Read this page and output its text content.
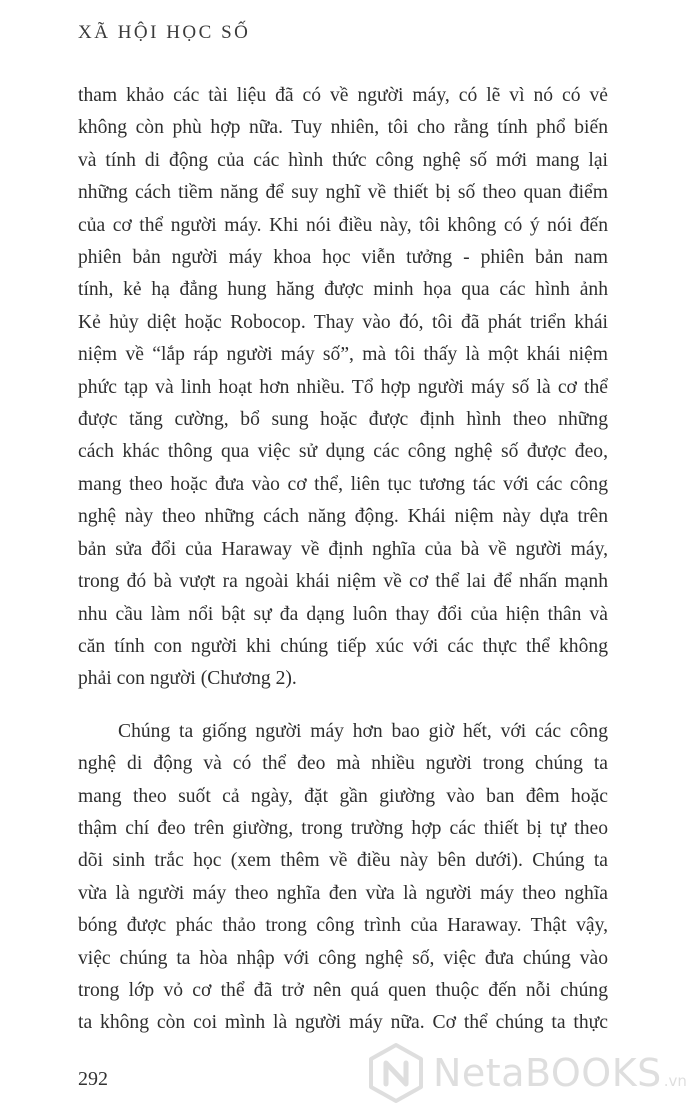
XÃ HỘI HỌC SỐ
tham khảo các tài liệu đã có về người máy, có lẽ vì nó có vẻ
không còn phù hợp nữa. Tuy nhiên, tôi cho rằng tính phổ biến
và tính di động của các hình thức công nghệ số mới mang lại
những cách tiềm năng để suy nghĩ về thiết bị số theo quan điểm
của cơ thể người máy. Khi nói điều này, tôi không có ý nói đến
phiên bản người máy khoa học viễn tưởng - phiên bản nam
tính, kẻ hạ đẳng hung hăng được minh họa qua các hình ảnh
Kẻ hủy diệt hoặc Robocop. Thay vào đó, tôi đã phát triển khái
niệm về “lắp ráp người máy số”, mà tôi thấy là một khái niệm
phức tạp và linh hoạt hơn nhiều. Tổ hợp người máy số là cơ thể
được tăng cường, bổ sung hoặc được định hình theo những
cách khác thông qua việc sử dụng các công nghệ số được đeo,
mang theo hoặc đưa vào cơ thể, liên tục tương tác với các công
nghệ này theo những cách năng động. Khái niệm này dựa trên
bản sửa đổi của Haraway về định nghĩa của bà về người máy,
trong đó bà vượt ra ngoài khái niệm về cơ thể lai để nhấn mạnh
nhu cầu làm nổi bật sự đa dạng luôn thay đổi của hiện thân và
căn tính con người khi chúng tiếp xúc với các thực thể không
phải con người (Chương 2).
Chúng ta giống người máy hơn bao giờ hết, với các công
nghệ di động và có thể đeo mà nhiều người trong chúng ta
mang theo suốt cả ngày, đặt gần giường vào ban đêm hoặc
thậm chí đeo trên giường, trong trường hợp các thiết bị tự theo
dõi sinh trắc học (xem thêm về điều này bên dưới). Chúng ta
vừa là người máy theo nghĩa đen vừa là người máy theo nghĩa
bóng được phác thảo trong công trình của Haraway. Thật vậy,
việc chúng ta hòa nhập với công nghệ số, việc đưa chúng vào
trong lớp vỏ cơ thể đã trở nên quá quen thuộc đến nỗi chúng
ta không còn coi mình là người máy nữa. Cơ thể chúng ta thực
292	NetaBOOKS .vn
